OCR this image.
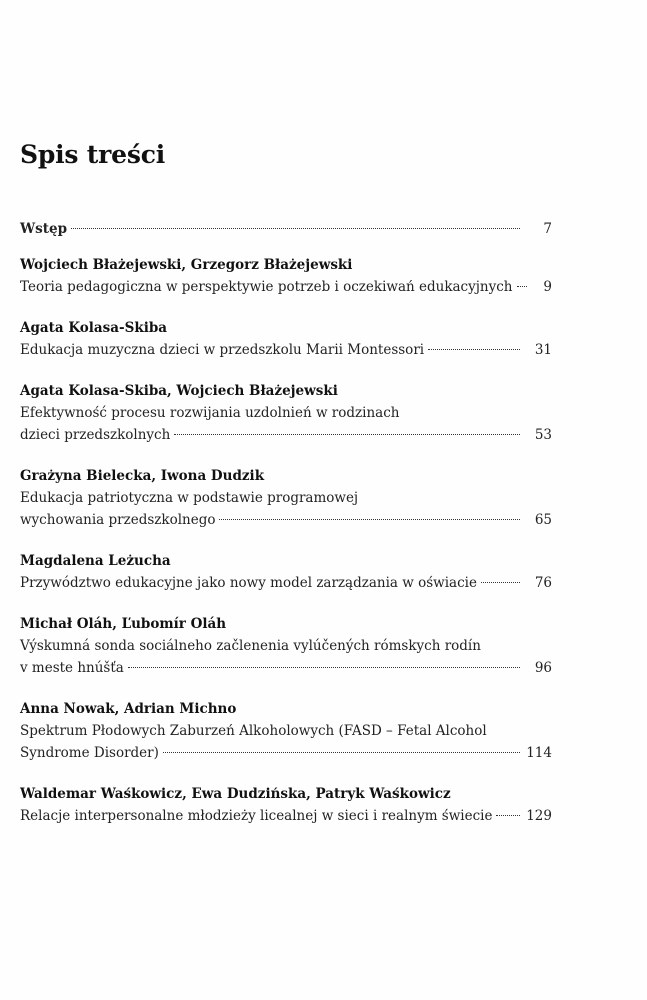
Spis treści
Wstęp	7
Wojciech Błażejewski, Grzegorz Błażejewski
Teoria pedagogiczna w perspektywie potrzeb i oczekiwań edukacyjnych	9
Agata Kolasa-Skiba
Edukacja muzyczna dzieci w przedszkolu Marii Montessori	31
Agata Kolasa-Skiba, Wojciech Błażejewski
Efektywność procesu rozwijania uzdolnień w rodzinach
dzieci przedszkolnych	53
Grażyna Bielecka, Iwona Dudzik
Edukacja patriotyczna w podstawie programowej
wychowania przedszkolnego	65
Magdalena Leżucha
Przywództwo edukacyjne jako nowy model zarządzania w oświacie	76
Michał Oláh, Ľubomír Oláh
Výskumná sonda sociálneho začlenenia vylúčených rómskych rodín
v meste hnúšťa	96
Anna Nowak, Adrian Michno
Spektrum Płodowych Zaburzeń Alkoholowych (FASD – Fetal Alcohol
Syndrome Disorder)	114
Waldemar Waśkowicz, Ewa Dudzińska, Patryk Waśkowicz
Relacje interpersonalne młodzieży licealnej w sieci i realnym świecie	129
